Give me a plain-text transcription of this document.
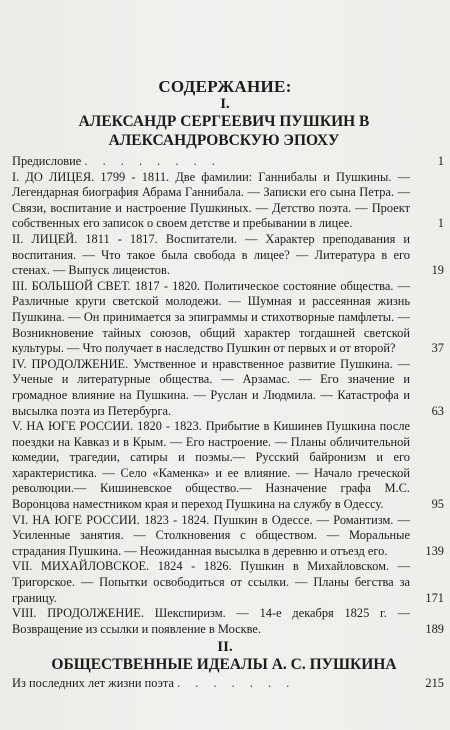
СОДЕРЖАНИЕ:
I.
АЛЕКСАНДР СЕРГЕЕВИЧ ПУШКИН В АЛЕКСАНДРОВСКУЮ ЭПОХУ
Предисловие . . . . . . . .	1
I. ДО ЛИЦЕЯ. 1799 - 1811. Две фамилии: Ганнибалы и Пушкины. — Легендарная биография Абрама Ганнибала. — Записки его сына Петра. — Связи, воспитание и настроение Пушкиных. — Детство поэта. — Проект собственных его записок о своем детстве и пребывании в лицее.	1
II. ЛИЦЕЙ. 1811 - 1817. Воспитатели. — Характер преподавания и воспитания. — Что такое была свобода в лицее? — Литература в его стенах. — Выпуск лицеистов.	19
III. БОЛЬШОЙ СВЕТ. 1817 - 1820. Политическое состояние общества. — Различные круги светской молодежи. — Шумная и рассеянная жизнь Пушкина. — Он принимается за эпиграммы и стихотворные памфлеты. — Возникновение тайных союзов, общий характер тогдашней светской культуры. — Что получает в наследство Пушкин от первых и от второй?	37
IV. ПРОДОЛЖЕНИЕ. Умственное и нравственное развитие Пушкина. — Ученые и литературные общества. — Арзамас. — Его значение и громадное влияние на Пушкина. — Руслан и Людмила. — Катастрофа и высылка поэта из Петербурга.	63
V. НА ЮГЕ РОССИИ. 1820 - 1823. Прибытие в Кишинев Пушкина после поездки на Кавказ и в Крым. — Его настроение. — Планы обличительной комедии, трагедии, сатиры и поэмы.— Русский байронизм и его характеристика. — Село «Каменка» и ее влияние. — Начало греческой революции.— Кишиневское общество.— Назначение графа М.С. Воронцова наместником края и переход Пушкина на службу в Одессу.	95
VI. НА ЮГЕ РОССИИ. 1823 - 1824. Пушкин в Одессе. — Романтизм. — Усиленные занятия. — Столкновения с обществом. — Моральные страдания Пушкина. — Неожиданная высылка в деревню и отъезд его.	139
VII. МИХАЙЛОВСКОЕ. 1824 - 1826. Пушкин в Михайловском. — Тригорское. — Попытки освободиться от ссылки. — Планы бегства за границу.	171
VIII. ПРОДОЛЖЕНИЕ. Шекспиризм. — 14-е декабря 1825 г. — Возвращение из ссылки и появление в Москве.	189
II.
ОБЩЕСТВЕННЫЕ ИДЕАЛЫ А. С. ПУШКИНА
Из последних лет жизни поэта . . . . . . .	215
